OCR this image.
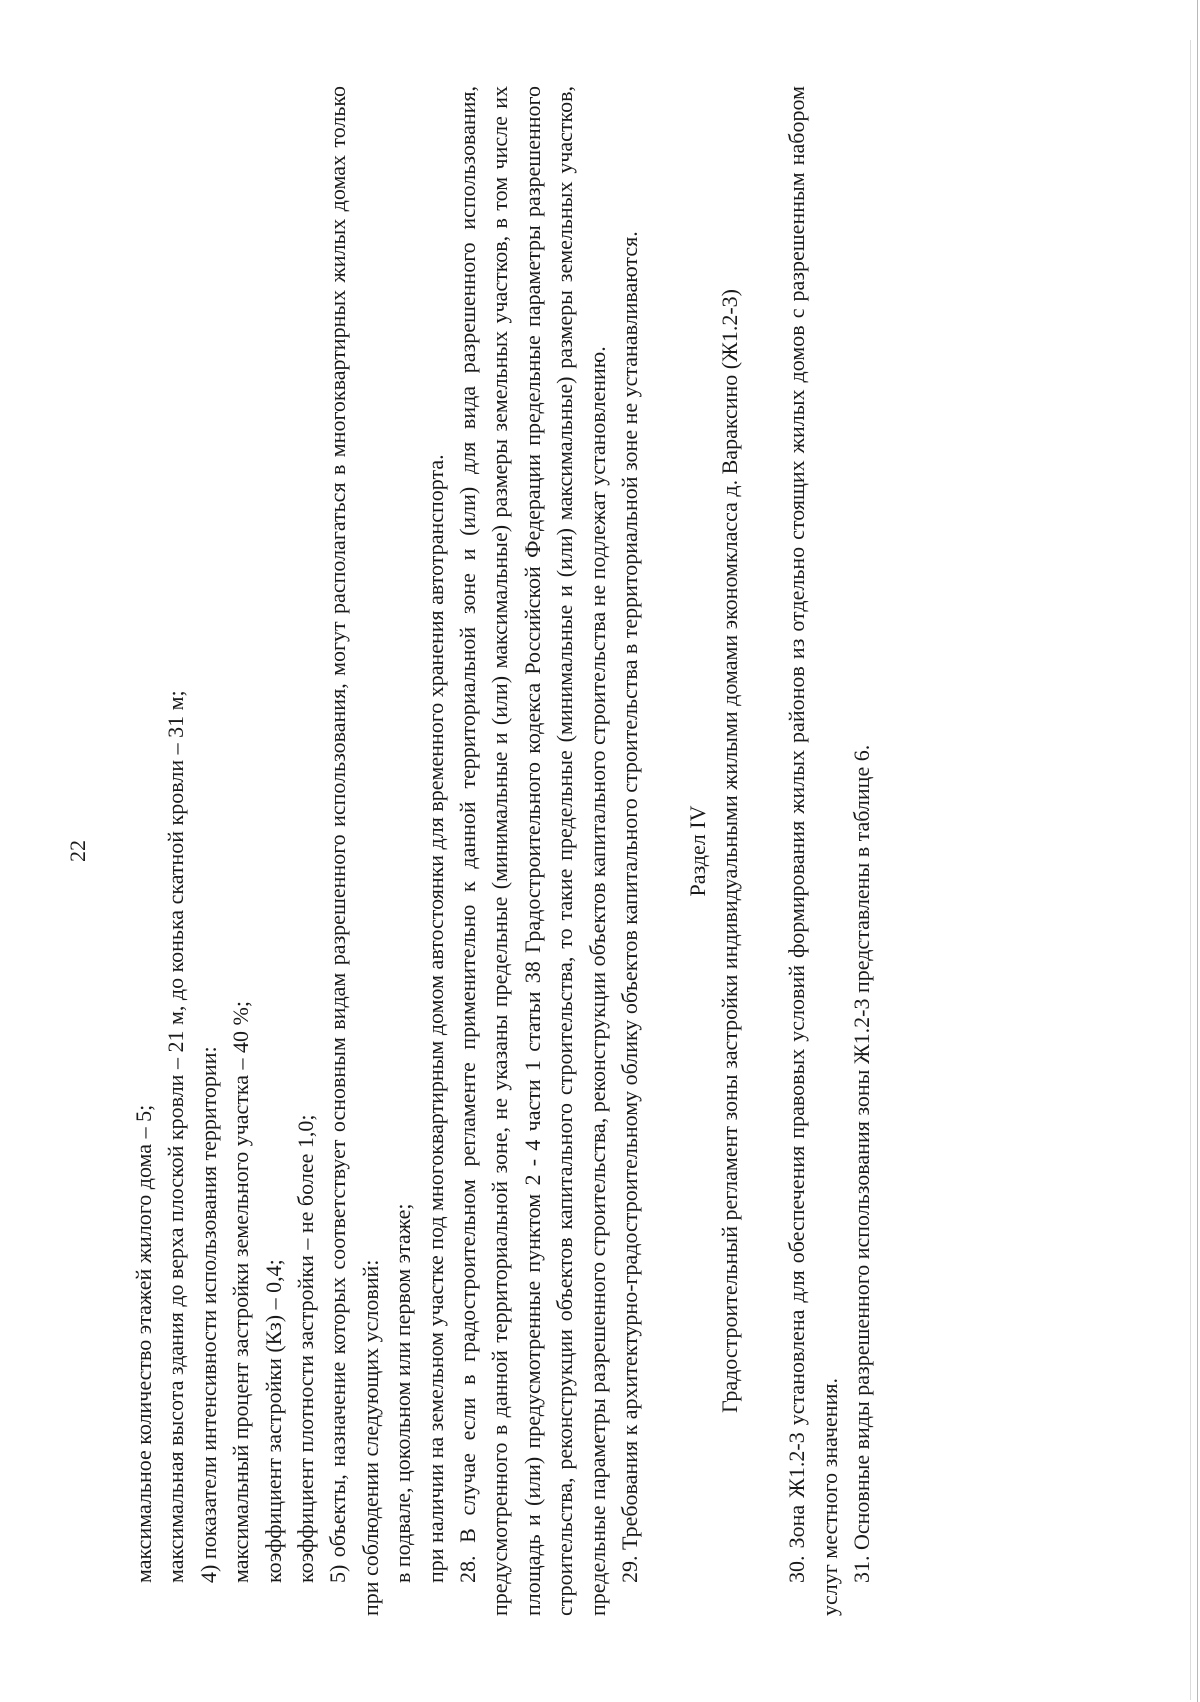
22

максимальное количество этажей жилого дома – 5; максимальная высота здания до верха плоской кровли – 21 м, до конька скатной кровли – 31 м; 4) показатели интенсивности использования территории: максимальный процент застройки земельного участка – 40 %; коэффициент застройки (Кз) – 0,4; коэффициент плотности застройки – не более 1,0; 5) объекты, назначение которых соответствует основным видам разрешенного использования, могут располагаться в многоквартирных жилых домах только при соблюдении следующих условий: в подвале, цокольном или первом этаже; при наличии на земельном участке под многоквартирным домом автостоянки для временного хранения автотранспорта. 28. В случае если в градостроительном регламенте применительно к данной территориальной зоне и (или) для вида разрешенного использования, предусмотренного в данной территориальной зоне, не указаны предельные (минимальные и (или) максимальные) размеры земельных участков, в том числе их площадь и (или) предусмотренные пунктом 2 - 4 части 1 статьи 38 Градостроительного кодекса Российской Федерации предельные параметры разрешенного строительства, реконструкции объектов капитального строительства, то такие предельные (минимальные и (или) максимальные) размеры земельных участков, предельные параметры разрешенного строительства, реконструкции объектов капитального строительства не подлежат установлению. 29. Требования к архитектурно-градостроительному облику объектов капитального строительства в территориальной зоне не устанавливаются. Раздел IV Градостроительный регламент зоны застройки индивидуальными жилыми домами экономкласса д. Вараксино (Ж1.2-3) 30. Зона Ж1.2-3 установлена для обеспечения правовых условий формирования жилых районов из отдельно стоящих жилых домов с разрешенным набором услуг местного значения. 31. Основные виды разрешенного использования зоны Ж1.2-3 представлены в таблице 6.
